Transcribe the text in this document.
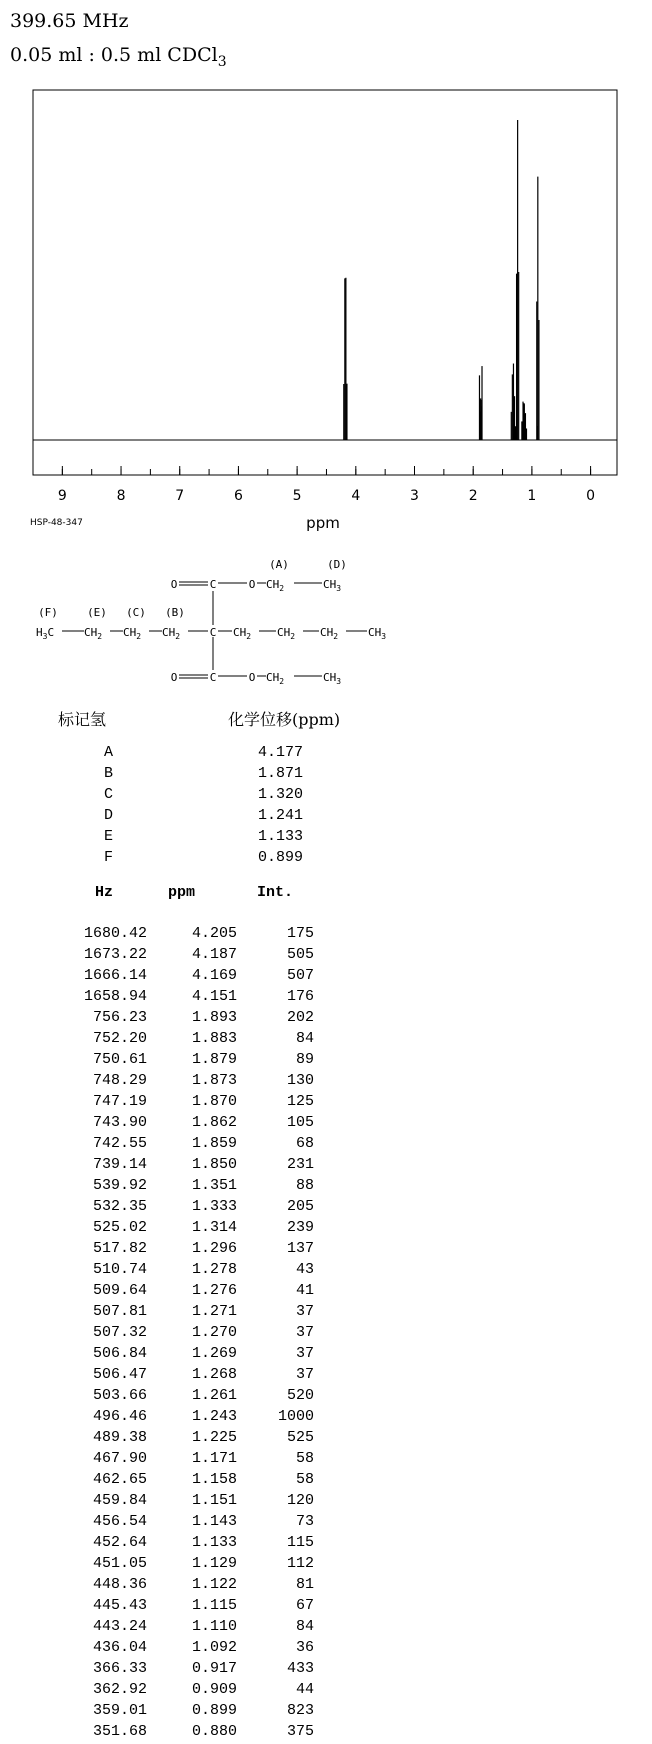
399.65 MHz
0.05 ml : 0.5 ml CDCl$_3$
9	8	7	6	5	4	3	2	1	0
ppm
HSP-48-347
(A)	(D)
(F)	(E) (C) (B)
O	C	O $CH_2$	$CH_3$
$H_3C$	$CH_2$ $CH_2$ $CH_2$	C $CH_2$ $CH_2$ $CH_2$	$CH_3$
O	C	O $CH_2$	$CH_3$
标记氢	化学位移(ppm)
A	4.177
B	1.871
C	1.320
D	1.241
E	1.133
F	0.899
Hz	ppm	Int.
1680.42	4.205	175
1673.22	4.187	505
1666.14	4.169	507
1658.94	4.151	176
756.23	1.893	202
752.20	1.883	84
750.61	1.879	89
748.29	1.873	130
747.19	1.870	125
743.90	1.862	105
742.55	1.859	68
739.14	1.850	231
539.92	1.351	88
532.35	1.333	205
525.02	1.314	239
517.82	1.296	137
510.74	1.278	43
509.64	1.276	41
507.81	1.271	37
507.32	1.270	37
506.84	1.269	37
506.47	1.268	37
503.66	1.261	520
496.46	1.243	1000
489.38	1.225	525
467.90	1.171	58
462.65	1.158	58
459.84	1.151	120
456.54	1.143	73
452.64	1.133	115
451.05	1.129	112
448.36	1.122	81
445.43	1.115	67
443.24	1.110	84
436.04	1.092	36
366.33	0.917	433
362.92	0.909	44
359.01	0.899	823
351.68	0.880	375
